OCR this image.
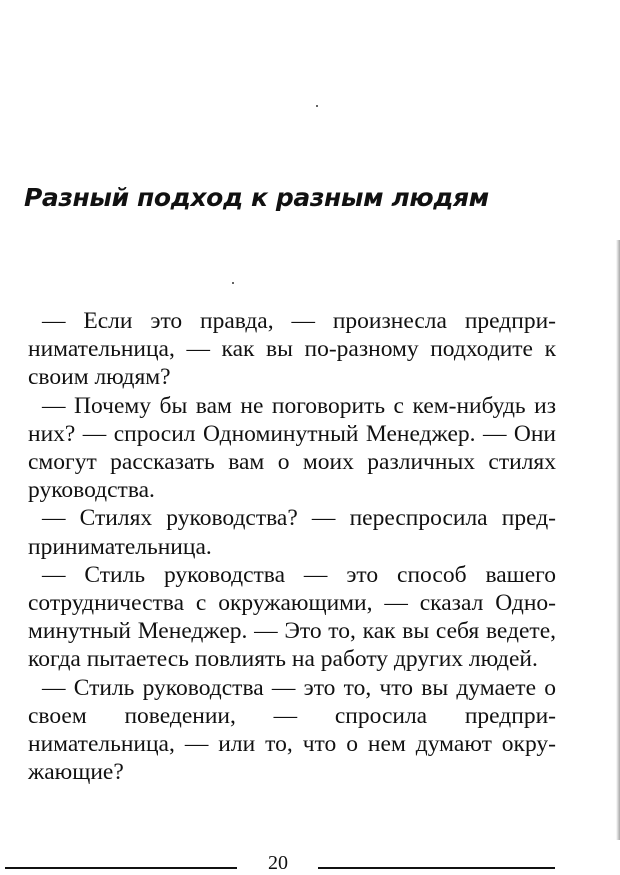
Разный подход к разным людям

— Если это правда, — произнесла предпринимательница, — как вы по-разному подходите к своим людям?

— Почему бы вам не поговорить с кем-нибудь из них? — спросил Одноминутный Менеджер. — Они смогут рассказать вам о моих различных стилях руководства.

— Стилях руководства? — переспросила предпринимательница.

— Стиль руководства — это способ вашего сотрудничества с окружающими, — сказал Одноминутный Менеджер. — Это то, как вы себя ведете, когда пытаетесь повлиять на работу других людей.

— Стиль руководства — это то, что вы думаете о своем поведении, — спросила предпринимательница, — или то, что о нем думают окружающие?

20
